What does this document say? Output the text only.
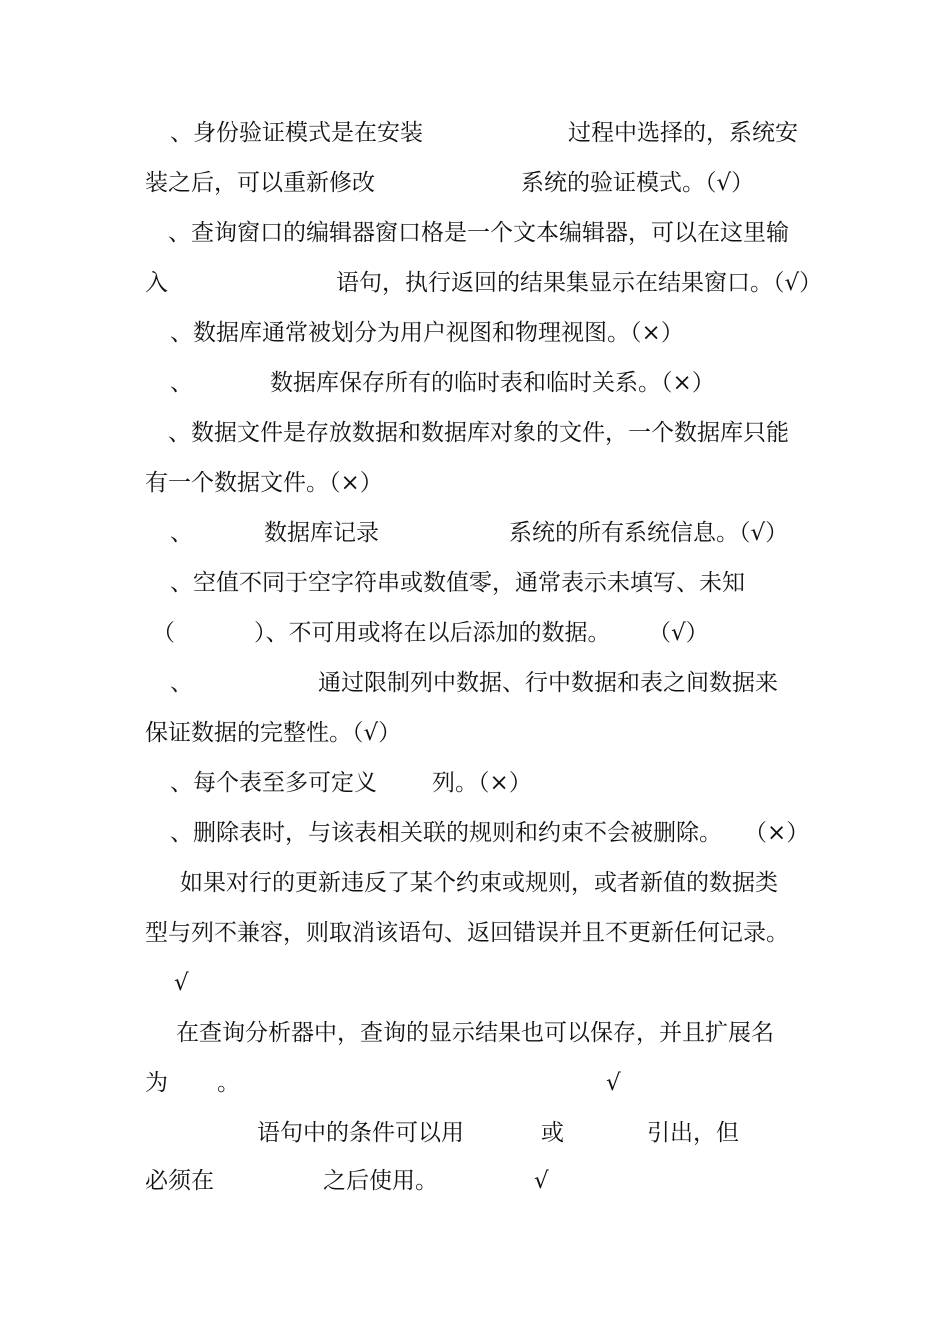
、身份验证模式是在安装	过程中选择的，系统安
装之后，可以重新修改	系统的验证模式。（√）
、查询窗口的编辑器窗口格是一个文本编辑器，可以在这里输
入	语句，执行返回的结果集显示在结果窗口。（√）
、数据库通常被划分为用户视图和物理视图。（×）
、	数据库保存所有的临时表和临时关系。（×）
、数据文件是存放数据和数据库对象的文件，一个数据库只能
有一个数据文件。（×）
、	数据库记录	系统的所有系统信息。（√）
、空值不同于空字符串或数值零，通常表示未填写、未知
（	）、不可用或将在以后添加的数据。 （√）
、	通过限制列中数据、行中数据和表之间数据来
保证数据的完整性。（√）
、每个表至多可定义 列。（×）
、删除表时，与该表相关联的规则和约束不会被删除。 （×）
如果对行的更新违反了某个约束或规则，或者新值的数据类
型与列不兼容，则取消该语句、返回错误并且不更新任何记录。
√
在查询分析器中，查询的显示结果也可以保存，并且扩展名
为 。	√
语句中的条件可以用	或	引出，但
必须在	之后使用。	√
